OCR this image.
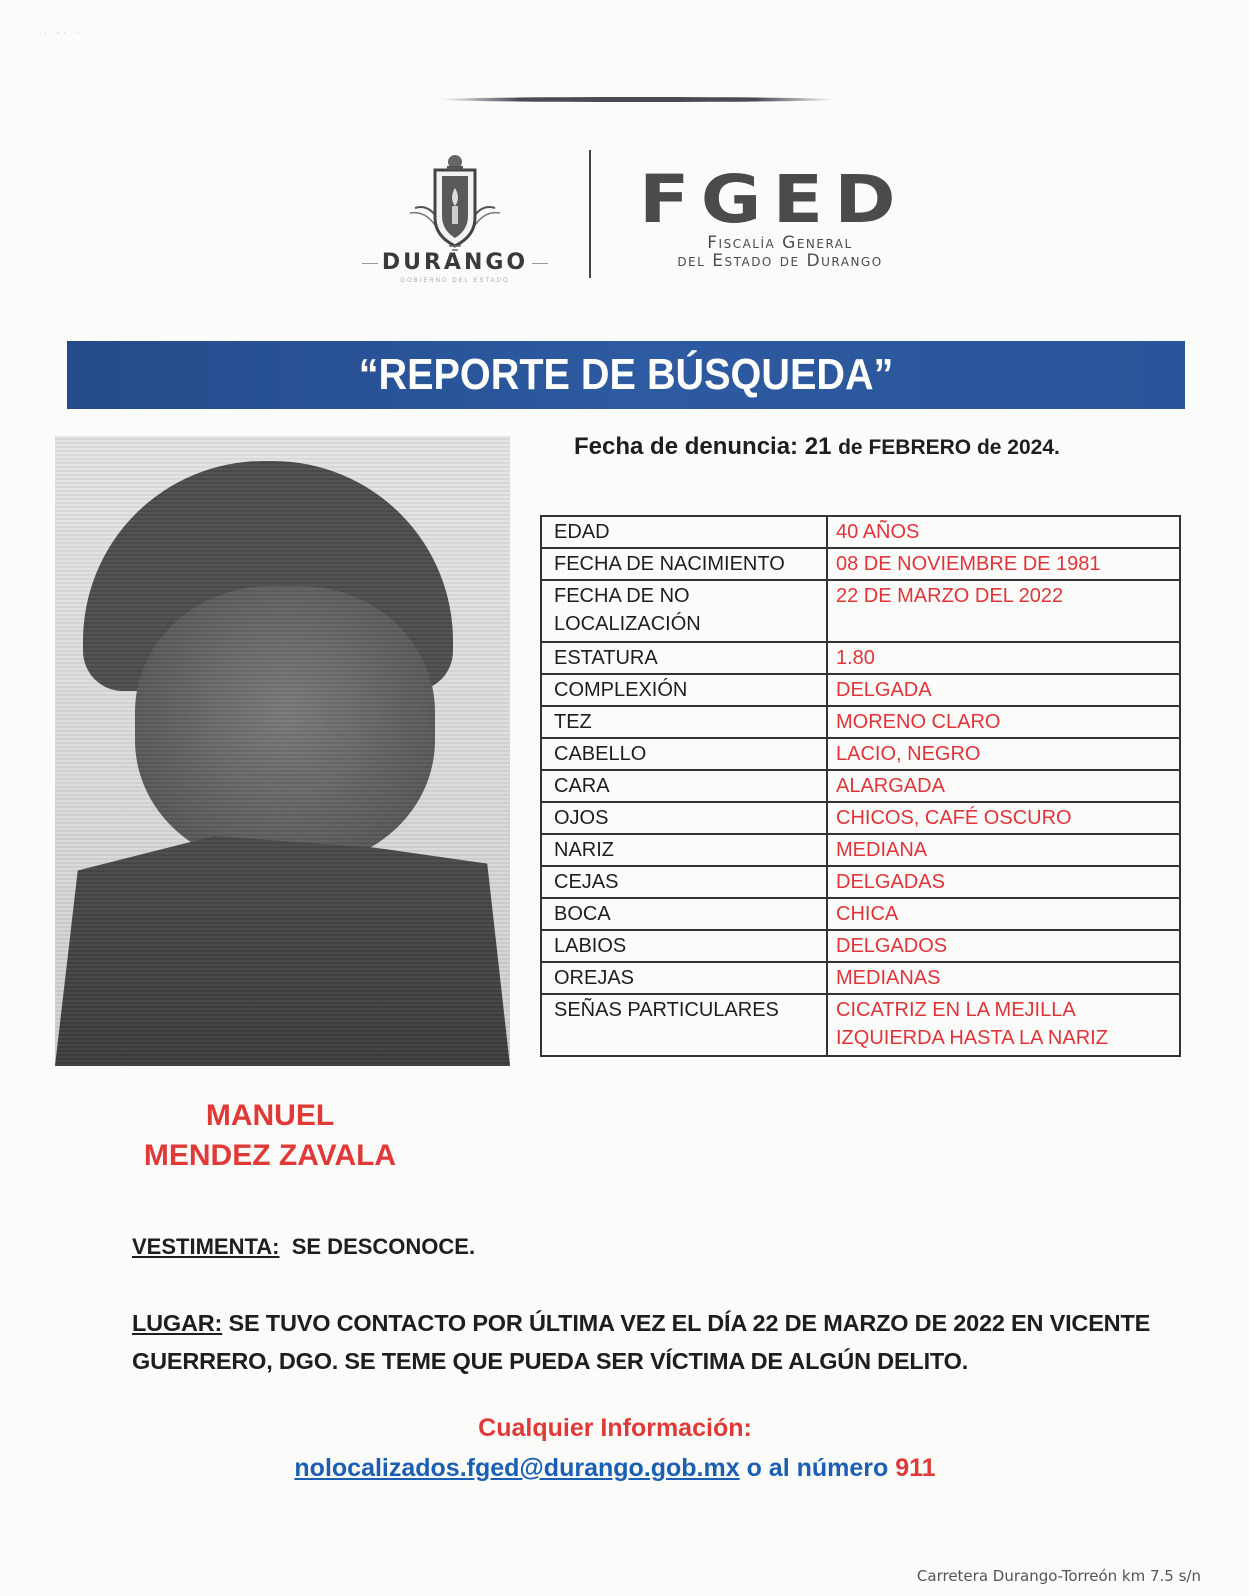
· ·· ·
DURANGO
GOBIERNO DEL ESTADO
FGED
Fiscalía General
del Estado de Durango
“REPORTE DE BÚSQUEDA”
Fecha de denuncia: 21 de FEBRERO de 2024.
EDAD	40 AÑOS
FECHA DE NACIMIENTO	08 DE NOVIEMBRE DE 1981
FECHA DE NO LOCALIZACIÓN	22 DE MARZO DEL 2022
ESTATURA	1.80
COMPLEXIÓN	DELGADA
TEZ	MORENO CLARO
CABELLO	LACIO, NEGRO
CARA	ALARGADA
OJOS	CHICOS, CAFÉ OSCURO
NARIZ	MEDIANA
CEJAS	DELGADAS
BOCA	CHICA
LABIOS	DELGADOS
OREJAS	MEDIANAS
SEÑAS PARTICULARES	CICATRIZ EN LA MEJILLA IZQUIERDA HASTA LA NARIZ
MANUEL
MENDEZ ZAVALA
VESTIMENTA: SE DESCONOCE.
LUGAR: SE TUVO CONTACTO POR ÚLTIMA VEZ EL DÍA 22 DE MARZO DE 2022 EN VICENTE GUERRERO, DGO. SE TEME QUE PUEDA SER VÍCTIMA DE ALGÚN DELITO.
Cualquier Información:
nolocalizados.fged@durango.gob.mx o al número 911
Carretera Durango-Torreón km 7.5 s/n
